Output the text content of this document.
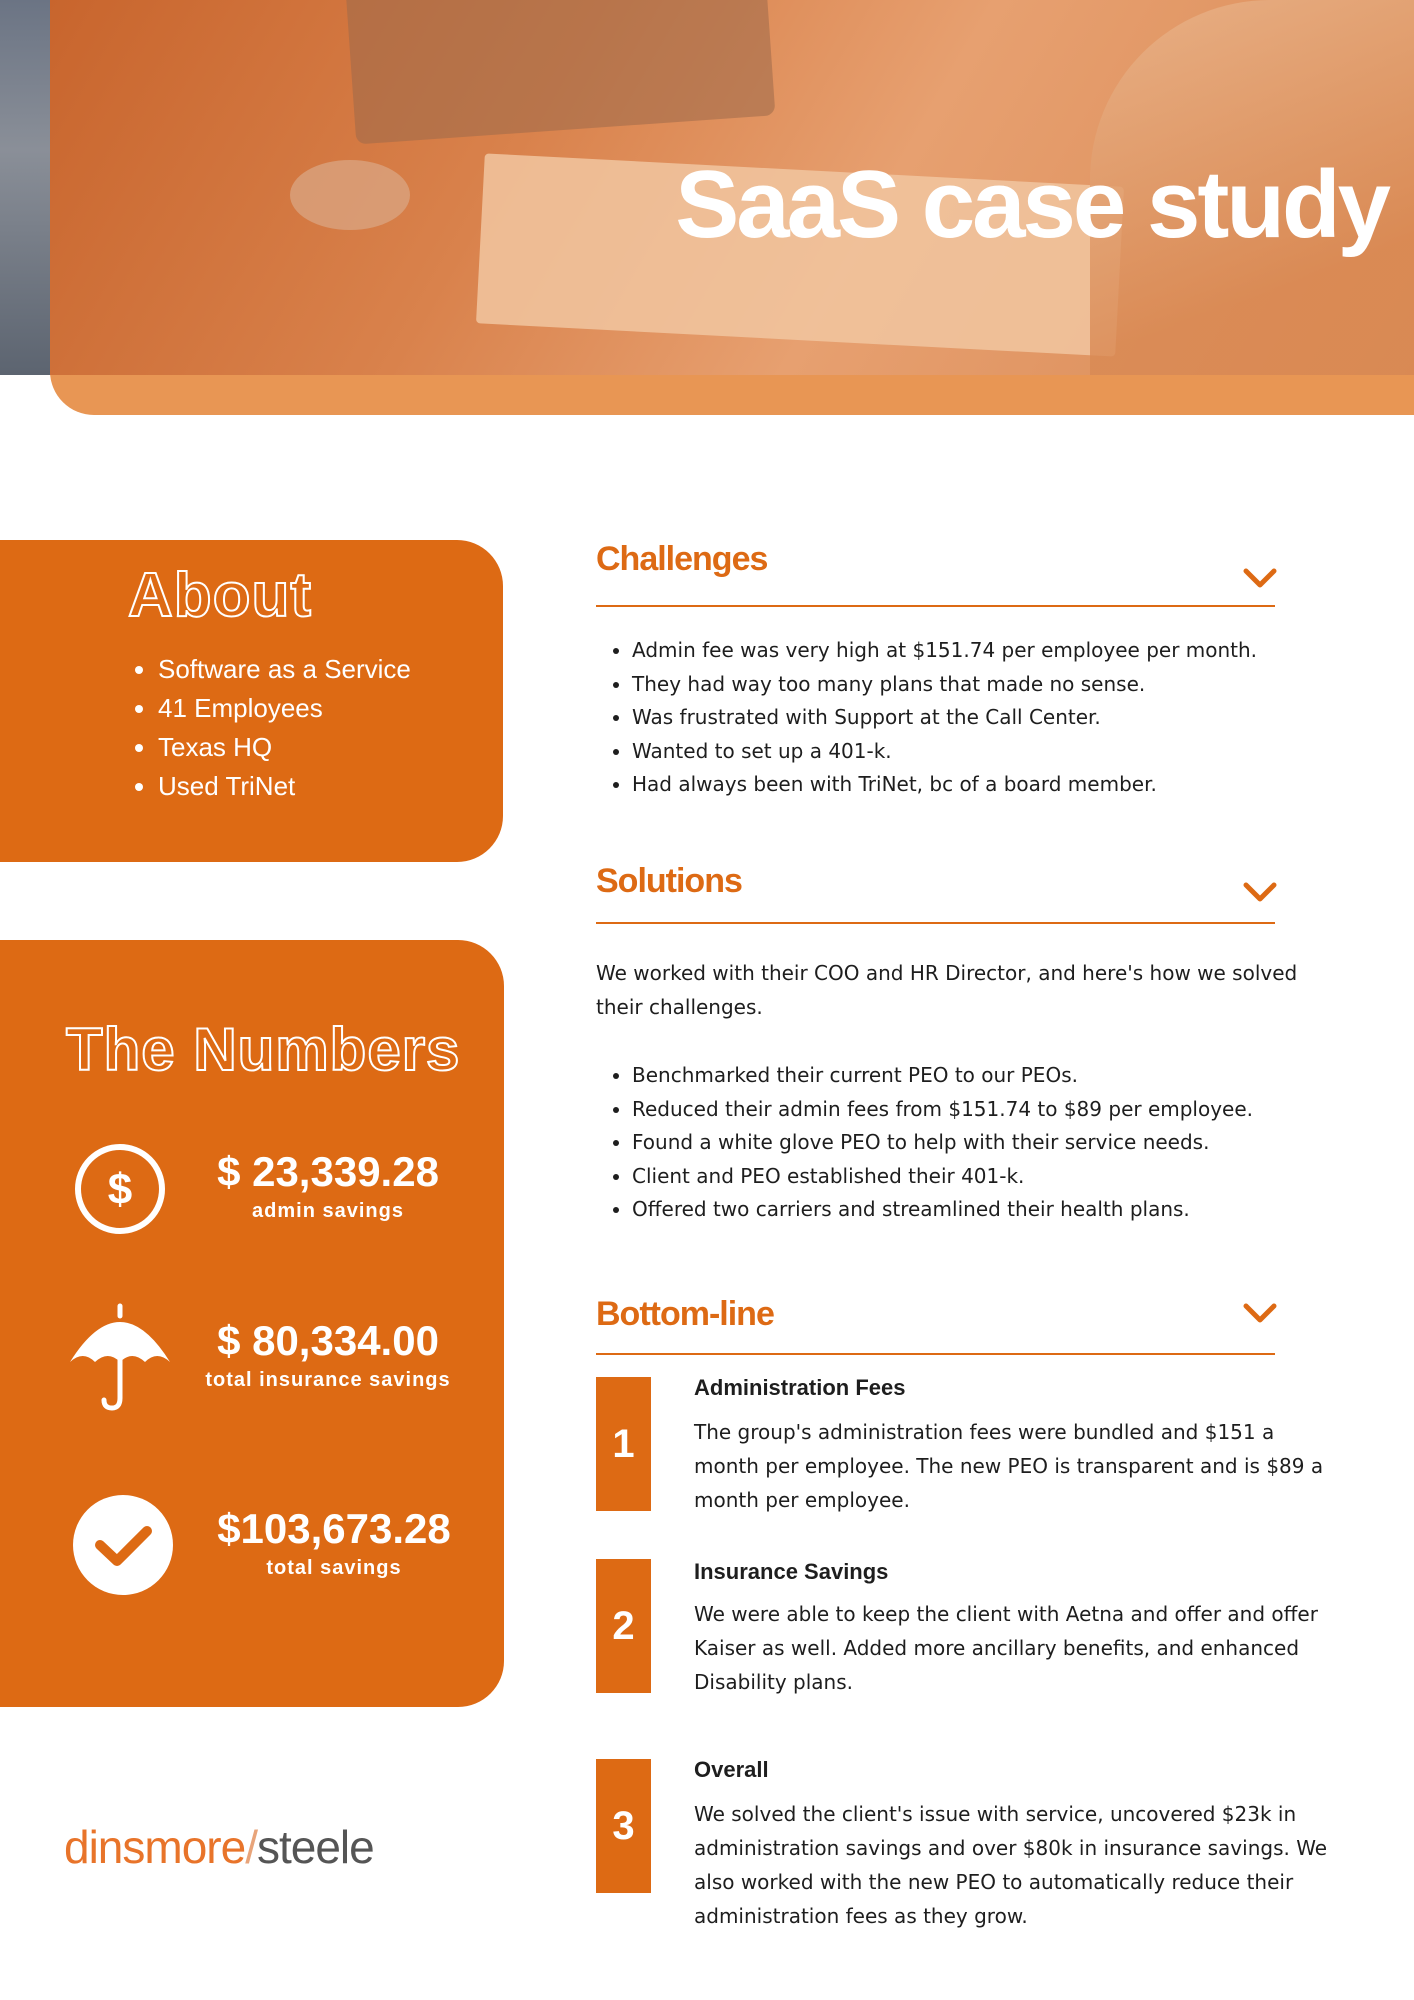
SaaS case study
About
• Software as a Service
• 41 Employees
• Texas HQ
• Used TriNet
The Numbers
$	$ 23,339.28
admin savings
$ 80,334.00
total insurance savings
$103,673.28
total savings
dinsmore/steele
Challenges
• Admin fee was very high at $151.74 per employee per month.
• They had way too many plans that made no sense.
• Was frustrated with Support at the Call Center.
• Wanted to set up a 401-k.
• Had always been with TriNet, bc of a board member.
Solutions

We worked with their COO and HR Director, and here's how we solved their challenges.

• Benchmarked their current PEO to our PEOs.
• Reduced their admin fees from $151.74 to $89 per employee.
• Found a white glove PEO to help with their service needs.
• Client and PEO established their 401-k.
• Offered two carriers and streamlined their health plans.
Bottom-line
1
Administration Fees

The group's administration fees were bundled and $151 a month per employee. The new PEO is transparent and is $89 a month per employee.

2
Insurance Savings

We were able to keep the client with Aetna and offer and offer Kaiser as well. Added more ancillary benefits, and enhanced Disability plans.

3
Overall

We solved the client's issue with service, uncovered $23k in administration savings and over $80k in insurance savings. We also worked with the new PEO to automatically reduce their administration fees as they grow.
